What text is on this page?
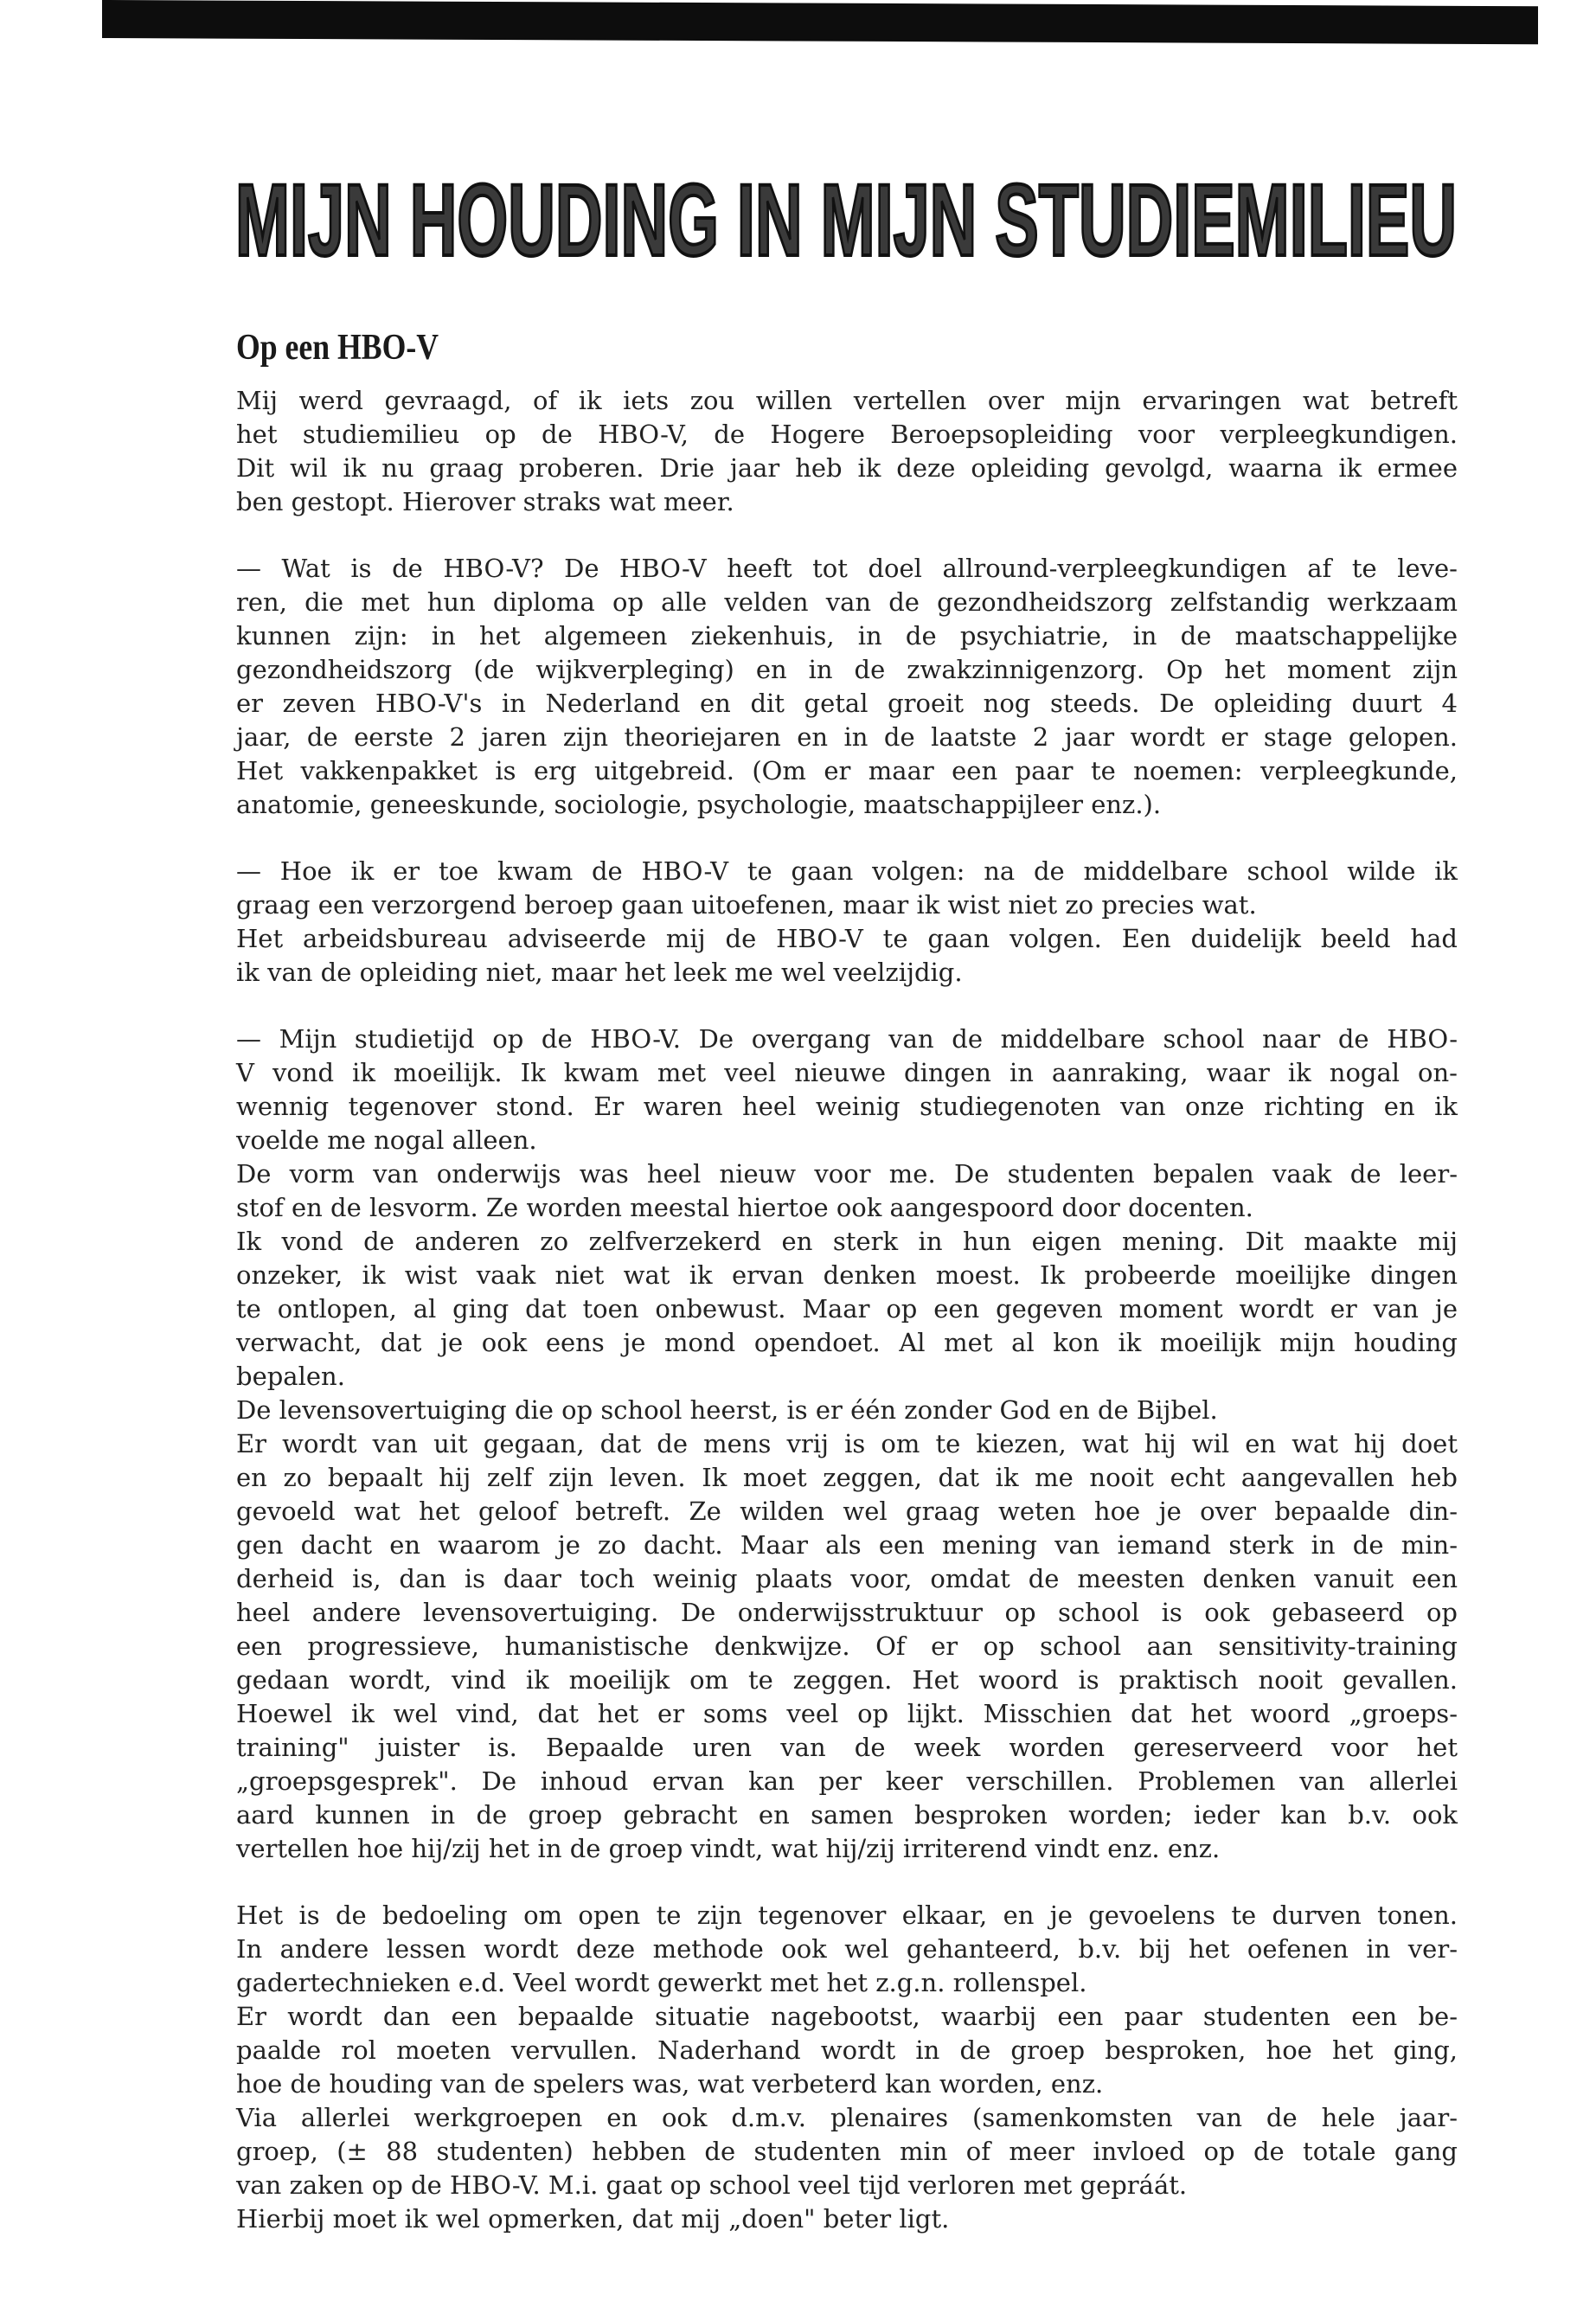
MIJN HOUDING IN MIJN STUDIEMILIEU
Op een HBO-V
Mij werd gevraagd, of ik iets zou willen vertellen over mijn ervaringen wat betreft
het studiemilieu op de HBO-V, de Hogere Beroepsopleiding voor verpleegkundigen.
Dit wil ik nu graag proberen. Drie jaar heb ik deze opleiding gevolgd, waarna ik ermee
ben gestopt. Hierover straks wat meer.
— Wat is de HBO-V? De HBO-V heeft tot doel allround-verpleegkundigen af te leve-
ren, die met hun diploma op alle velden van de gezondheidszorg zelfstandig werkzaam
kunnen zijn: in het algemeen ziekenhuis, in de psychiatrie, in de maatschappelijke
gezondheidszorg (de wijkverpleging) en in de zwakzinnigenzorg. Op het moment zijn
er zeven HBO-V's in Nederland en dit getal groeit nog steeds. De opleiding duurt 4
jaar, de eerste 2 jaren zijn theoriejaren en in de laatste 2 jaar wordt er stage gelopen.
Het vakkenpakket is erg uitgebreid. (Om er maar een paar te noemen: verpleegkunde,
anatomie, geneeskunde, sociologie, psychologie, maatschappijleer enz.).
— Hoe ik er toe kwam de HBO-V te gaan volgen: na de middelbare school wilde ik
graag een verzorgend beroep gaan uitoefenen, maar ik wist niet zo precies wat.
Het arbeidsbureau adviseerde mij de HBO-V te gaan volgen. Een duidelijk beeld had
ik van de opleiding niet, maar het leek me wel veelzijdig.
— Mijn studietijd op de HBO-V. De overgang van de middelbare school naar de HBO-
V vond ik moeilijk. Ik kwam met veel nieuwe dingen in aanraking, waar ik nogal on-
wennig tegenover stond. Er waren heel weinig studiegenoten van onze richting en ik
voelde me nogal alleen.
De vorm van onderwijs was heel nieuw voor me. De studenten bepalen vaak de leer-
stof en de lesvorm. Ze worden meestal hiertoe ook aangespoord door docenten.
Ik vond de anderen zo zelfverzekerd en sterk in hun eigen mening. Dit maakte mij
onzeker, ik wist vaak niet wat ik ervan denken moest. Ik probeerde moeilijke dingen
te ontlopen, al ging dat toen onbewust. Maar op een gegeven moment wordt er van je
verwacht, dat je ook eens je mond opendoet. Al met al kon ik moeilijk mijn houding
bepalen.
De levensovertuiging die op school heerst, is er één zonder God en de Bijbel.
Er wordt van uit gegaan, dat de mens vrij is om te kiezen, wat hij wil en wat hij doet
en zo bepaalt hij zelf zijn leven. Ik moet zeggen, dat ik me nooit echt aangevallen heb
gevoeld wat het geloof betreft. Ze wilden wel graag weten hoe je over bepaalde din-
gen dacht en waarom je zo dacht. Maar als een mening van iemand sterk in de min-
derheid is, dan is daar toch weinig plaats voor, omdat de meesten denken vanuit een
heel andere levensovertuiging. De onderwijsstruktuur op school is ook gebaseerd op
een progressieve, humanistische denkwijze. Of er op school aan sensitivity-training
gedaan wordt, vind ik moeilijk om te zeggen. Het woord is praktisch nooit gevallen.
Hoewel ik wel vind, dat het er soms veel op lijkt. Misschien dat het woord „groeps-
training" juister is. Bepaalde uren van de week worden gereserveerd voor het
„groepsgesprek". De inhoud ervan kan per keer verschillen. Problemen van allerlei
aard kunnen in de groep gebracht en samen besproken worden; ieder kan b.v. ook
vertellen hoe hij/zij het in de groep vindt, wat hij/zij irriterend vindt enz. enz.
Het is de bedoeling om open te zijn tegenover elkaar, en je gevoelens te durven tonen.
In andere lessen wordt deze methode ook wel gehanteerd, b.v. bij het oefenen in ver-
gadertechnieken e.d. Veel wordt gewerkt met het z.g.n. rollenspel.
Er wordt dan een bepaalde situatie nagebootst, waarbij een paar studenten een be-
paalde rol moeten vervullen. Naderhand wordt in de groep besproken, hoe het ging,
hoe de houding van de spelers was, wat verbeterd kan worden, enz.
Via allerlei werkgroepen en ook d.m.v. plenaires (samenkomsten van de hele jaar-
groep, (± 88 studenten) hebben de studenten min of meer invloed op de totale gang
van zaken op de HBO-V. M.i. gaat op school veel tijd verloren met gepráát.
Hierbij moet ik wel opmerken, dat mij „doen" beter ligt.
